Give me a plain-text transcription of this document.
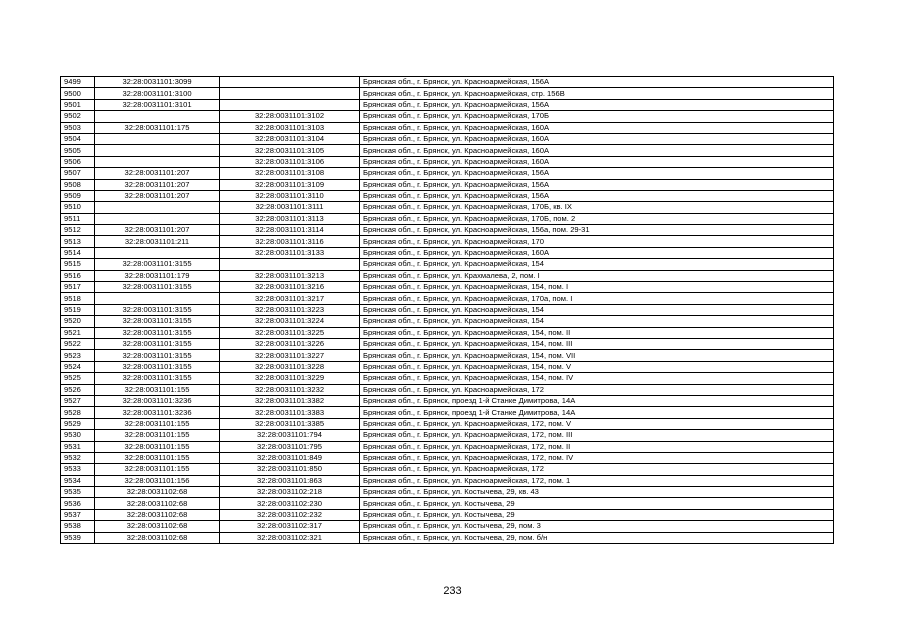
9499	32:28:0031101:3099		Брянская обл., г. Брянск, ул. Красноармейская, 156А
9500	32:28:0031101:3100		Брянская обл., г. Брянск, ул. Красноармейская, стр. 156В
9501	32:28:0031101:3101		Брянская обл., г. Брянск, ул. Красноармейская, 156А
9502		32:28:0031101:3102	Брянская обл., г. Брянск, ул. Красноармейская, 170Б
9503	32:28:0031101:175	32:28:0031101:3103	Брянская обл., г. Брянск, ул. Красноармейская, 160А
9504		32:28:0031101:3104	Брянская обл., г. Брянск, ул. Красноармейская, 160А
9505		32:28:0031101:3105	Брянская обл., г. Брянск, ул. Красноармейская, 160А
9506		32:28:0031101:3106	Брянская обл., г. Брянск, ул. Красноармейская, 160А
9507	32:28:0031101:207	32:28:0031101:3108	Брянская обл., г. Брянск, ул. Красноармейская, 156А
9508	32:28:0031101:207	32:28:0031101:3109	Брянская обл., г. Брянск, ул. Красноармейская, 156А
9509	32:28:0031101:207	32:28:0031101:3110	Брянская обл., г. Брянск, ул. Красноармейская, 156А
9510		32:28:0031101:3111	Брянская обл., г. Брянск, ул. Красноармейская, 170Б, кв. IX
9511		32:28:0031101:3113	Брянская обл., г. Брянск, ул. Красноармейская, 170Б, пом. 2
9512	32:28:0031101:207	32:28:0031101:3114	Брянская обл., г. Брянск, ул. Красноармейская, 156а, пом. 29-31
9513	32:28:0031101:211	32:28:0031101:3116	Брянская обл., г. Брянск, ул. Красноармейская, 170
9514		32:28:0031101:3133	Брянская обл., г. Брянск, ул. Красноармейская, 160А
9515	32:28:0031101:3155		Брянская обл., г. Брянск, ул. Красноармейская, 154
9516	32:28:0031101:179	32:28:0031101:3213	Брянская обл., г. Брянск, ул. Крахмалева, 2, пом. I
9517	32:28:0031101:3155	32:28:0031101:3216	Брянская обл., г. Брянск, ул. Красноармейская, 154, пом. I
9518		32:28:0031101:3217	Брянская обл., г. Брянск, ул. Красноармейская, 170а, пом. I
9519	32:28:0031101:3155	32:28:0031101:3223	Брянская обл., г. Брянск, ул. Красноармейская, 154
9520	32:28:0031101:3155	32:28:0031101:3224	Брянская обл., г. Брянск, ул. Красноармейская, 154
9521	32:28:0031101:3155	32:28:0031101:3225	Брянская обл., г. Брянск, ул. Красноармейская, 154, пом. II
9522	32:28:0031101:3155	32:28:0031101:3226	Брянская обл., г. Брянск, ул. Красноармейская, 154, пом. III
9523	32:28:0031101:3155	32:28:0031101:3227	Брянская обл., г. Брянск, ул. Красноармейская, 154, пом. VII
9524	32:28:0031101:3155	32:28:0031101:3228	Брянская обл., г. Брянск, ул. Красноармейская, 154, пом. V
9525	32:28:0031101:3155	32:28:0031101:3229	Брянская обл., г. Брянск, ул. Красноармейская, 154, пом. IV
9526	32:28:0031101:155	32:28:0031101:3232	Брянская обл., г. Брянск, ул. Красноармейская, 172
9527	32:28:0031101:3236	32:28:0031101:3382	Брянская обл., г. Брянск, проезд 1-й Станке Димитрова, 14А
9528	32:28:0031101:3236	32:28:0031101:3383	Брянская обл., г. Брянск, проезд 1-й Станке Димитрова, 14А
9529	32:28:0031101:155	32:28:0031101:3385	Брянская обл., г. Брянск, ул. Красноармейская, 172, пом. V
9530	32:28:0031101:155	32:28:0031101:794	Брянская обл., г. Брянск, ул. Красноармейская, 172, пом. III
9531	32:28:0031101:155	32:28:0031101:795	Брянская обл., г. Брянск, ул. Красноармейская, 172, пом. II
9532	32:28:0031101:155	32:28:0031101:849	Брянская обл., г. Брянск, ул. Красноармейская, 172, пом. IV
9533	32:28:0031101:155	32:28:0031101:850	Брянская обл., г. Брянск, ул. Красноармейская, 172
9534	32:28:0031101:156	32:28:0031101:863	Брянская обл., г. Брянск, ул. Красноармейская, 172, пом. 1
9535	32:28:0031102:68	32:28:0031102:218	Брянская обл., г. Брянск, ул. Костычева, 29, кв. 43
9536	32:28:0031102:68	32:28:0031102:230	Брянская обл., г. Брянск, ул. Костычева, 29
9537	32:28:0031102:68	32:28:0031102:232	Брянская обл., г. Брянск, ул. Костычева, 29
9538	32:28:0031102:68	32:28:0031102:317	Брянская обл., г. Брянск, ул. Костычева, 29, пом. 3
9539	32:28:0031102:68	32:28:0031102:321	Брянская обл., г. Брянск, ул. Костычева, 29, пом. б/н
233
